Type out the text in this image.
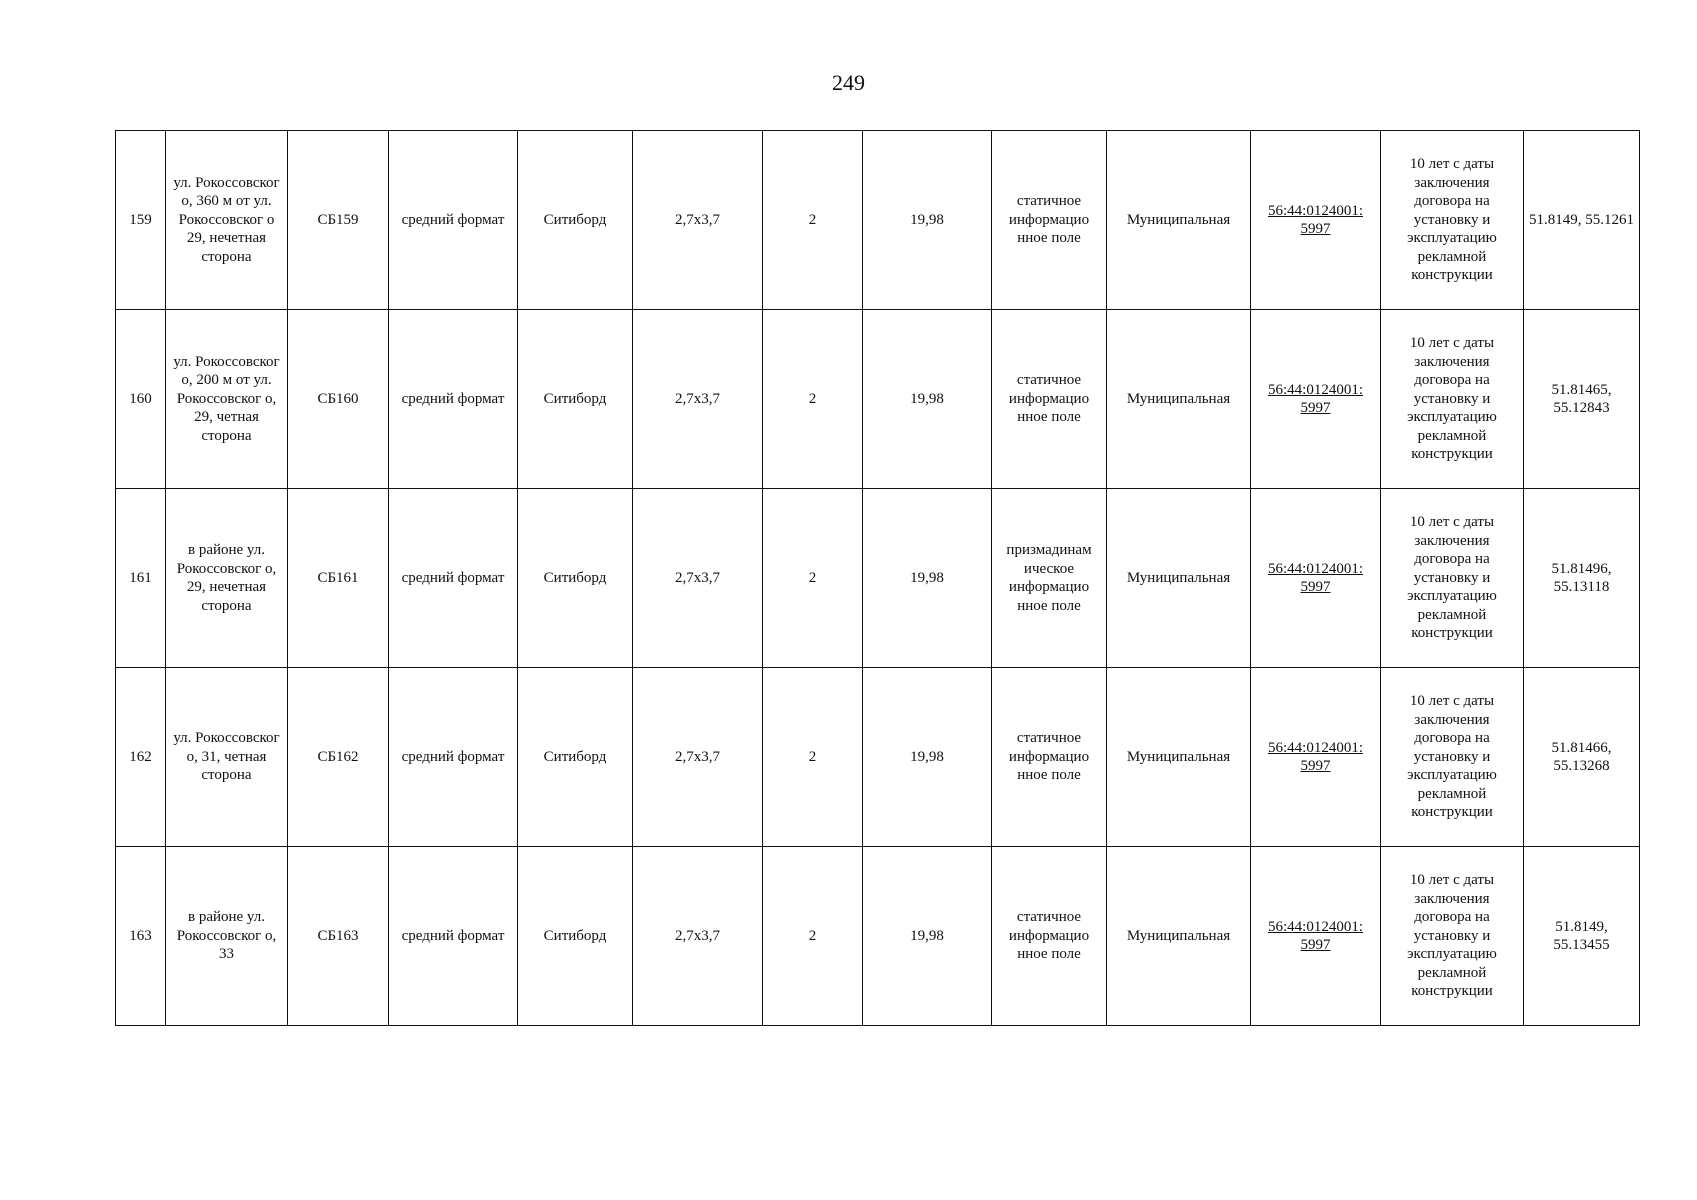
249
159	ул. Рокоссовског о, 360 м от ул. Рокоссовског о 29, нечетная сторона	СБ159	средний формат	Ситиборд	2,7х3,7	2	19,98	статичное информацио нное поле	Муниципальная	56:44:0124001: 5997	10 лет с даты заключения договора на установку и эксплуатацию рекламной конструкции	51.8149, 55.1261
160	ул. Рокоссовског о, 200 м от ул. Рокоссовског о, 29, четная сторона	СБ160	средний формат	Ситиборд	2,7х3,7	2	19,98	статичное информацио нное поле	Муниципальная	56:44:0124001: 5997	10 лет с даты заключения договора на установку и эксплуатацию рекламной конструкции	51.81465, 55.12843
161	в районе ул. Рокоссовског о, 29, нечетная сторона	СБ161	средний формат	Ситиборд	2,7х3,7	2	19,98	призмадинам ическое информацио нное поле	Муниципальная	56:44:0124001: 5997	10 лет с даты заключения договора на установку и эксплуатацию рекламной конструкции	51.81496, 55.13118
162	ул. Рокоссовског о, 31, четная сторона	СБ162	средний формат	Ситиборд	2,7х3,7	2	19,98	статичное информацио нное поле	Муниципальная	56:44:0124001: 5997	10 лет с даты заключения договора на установку и эксплуатацию рекламной конструкции	51.81466, 55.13268
163	в районе ул. Рокоссовског о, 33	СБ163	средний формат	Ситиборд	2,7х3,7	2	19,98	статичное информацио нное поле	Муниципальная	56:44:0124001: 5997	10 лет с даты заключения договора на установку и эксплуатацию рекламной конструкции	51.8149, 55.13455
